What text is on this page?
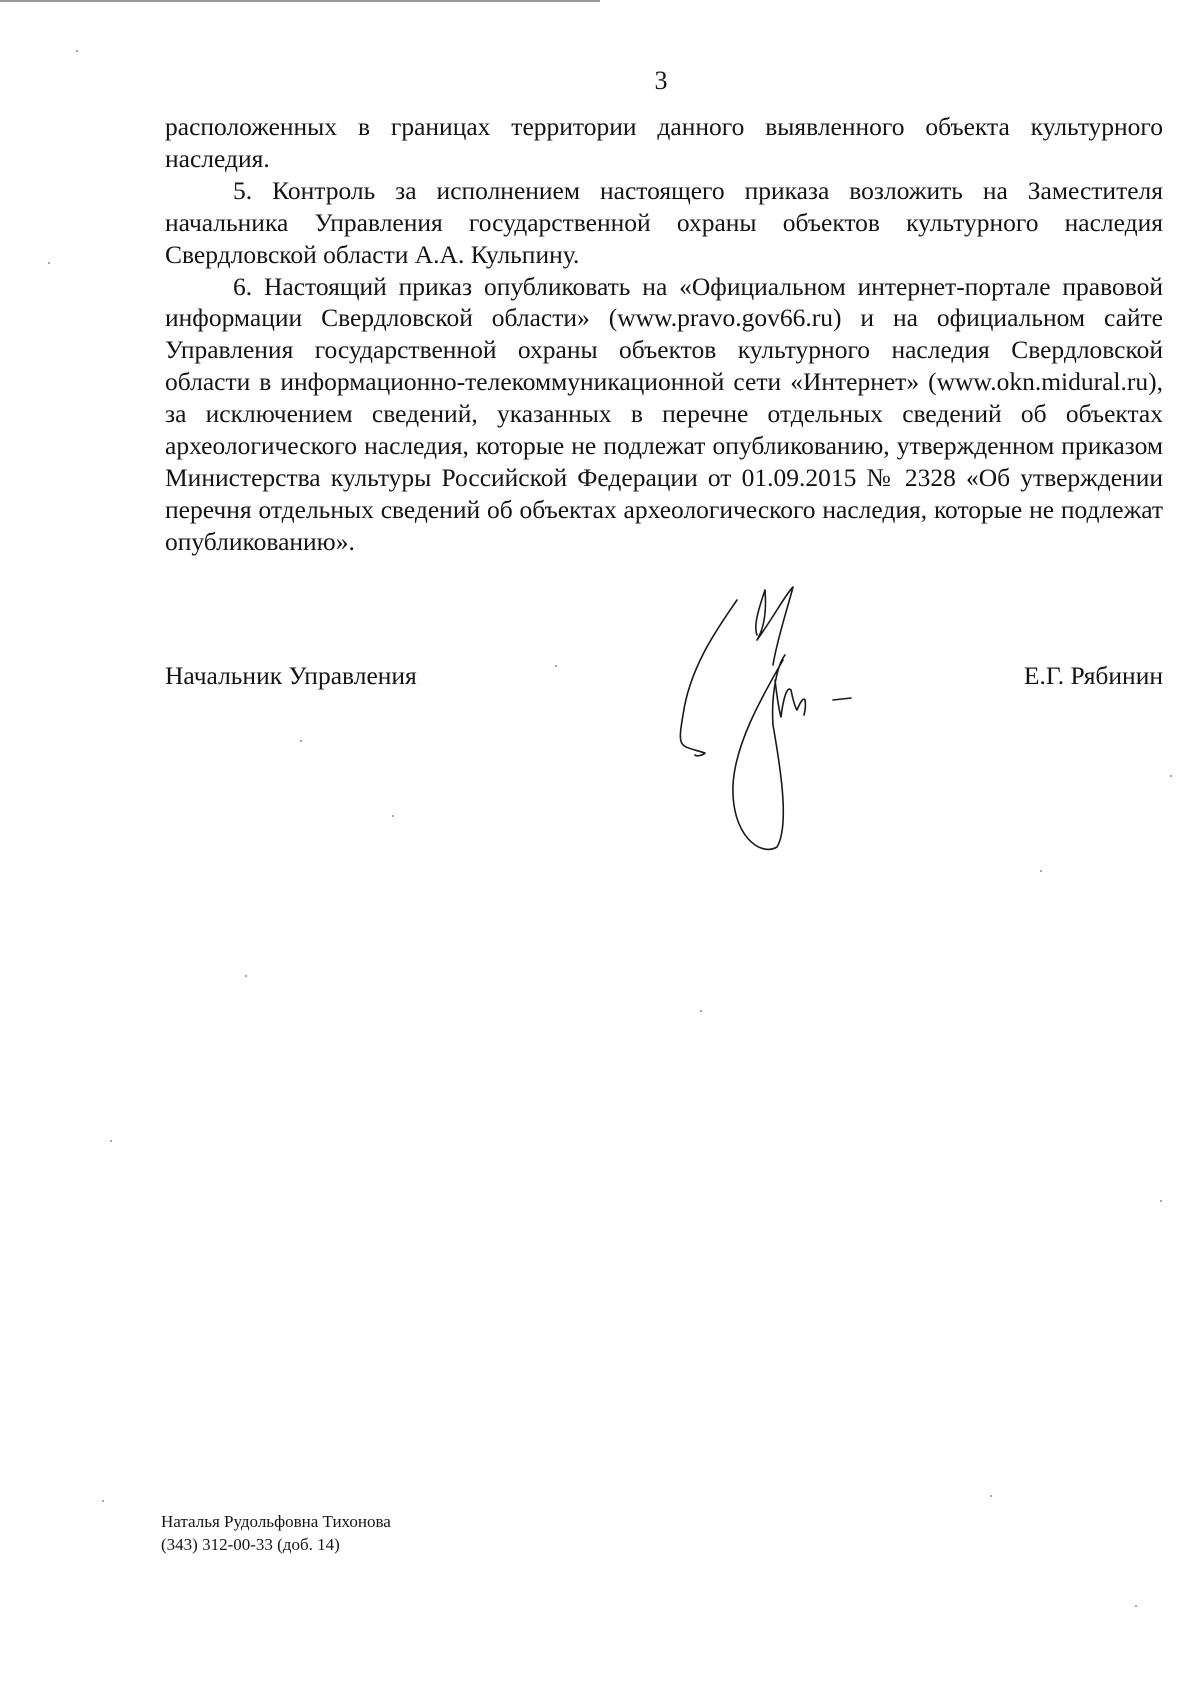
3

расположенных в границах территории данного выявленного объекта культурного наследия.

5. Контроль за исполнением настоящего приказа возложить на Заместителя начальника Управления государственной охраны объектов культурного наследия Свердловской области А.А. Кульпину.

6. Настоящий приказ опубликовать на «Официальном интернет-портале правовой информации Свердловской области» (www.pravo.gov66.ru) и на официальном сайте Управления государственной охраны объектов культурного наследия Свердловской области в информационно-телекоммуникационной сети «Интернет» (www.okn.midural.ru), за исключением сведений, указанных в перечне отдельных сведений об объектах археологического наследия, которые не подлежат опубликованию, утвержденном приказом Министерства культуры Российской Федерации от 01.09.2015 № 2328 «Об утверждении перечня отдельных сведений об объектах археологического наследия, которые не подлежат опубликованию».

Начальник Управления	Е.Г. Рябинин
Наталья Рудольфовна Тихонова
(343) 312-00-33 (доб. 14)
